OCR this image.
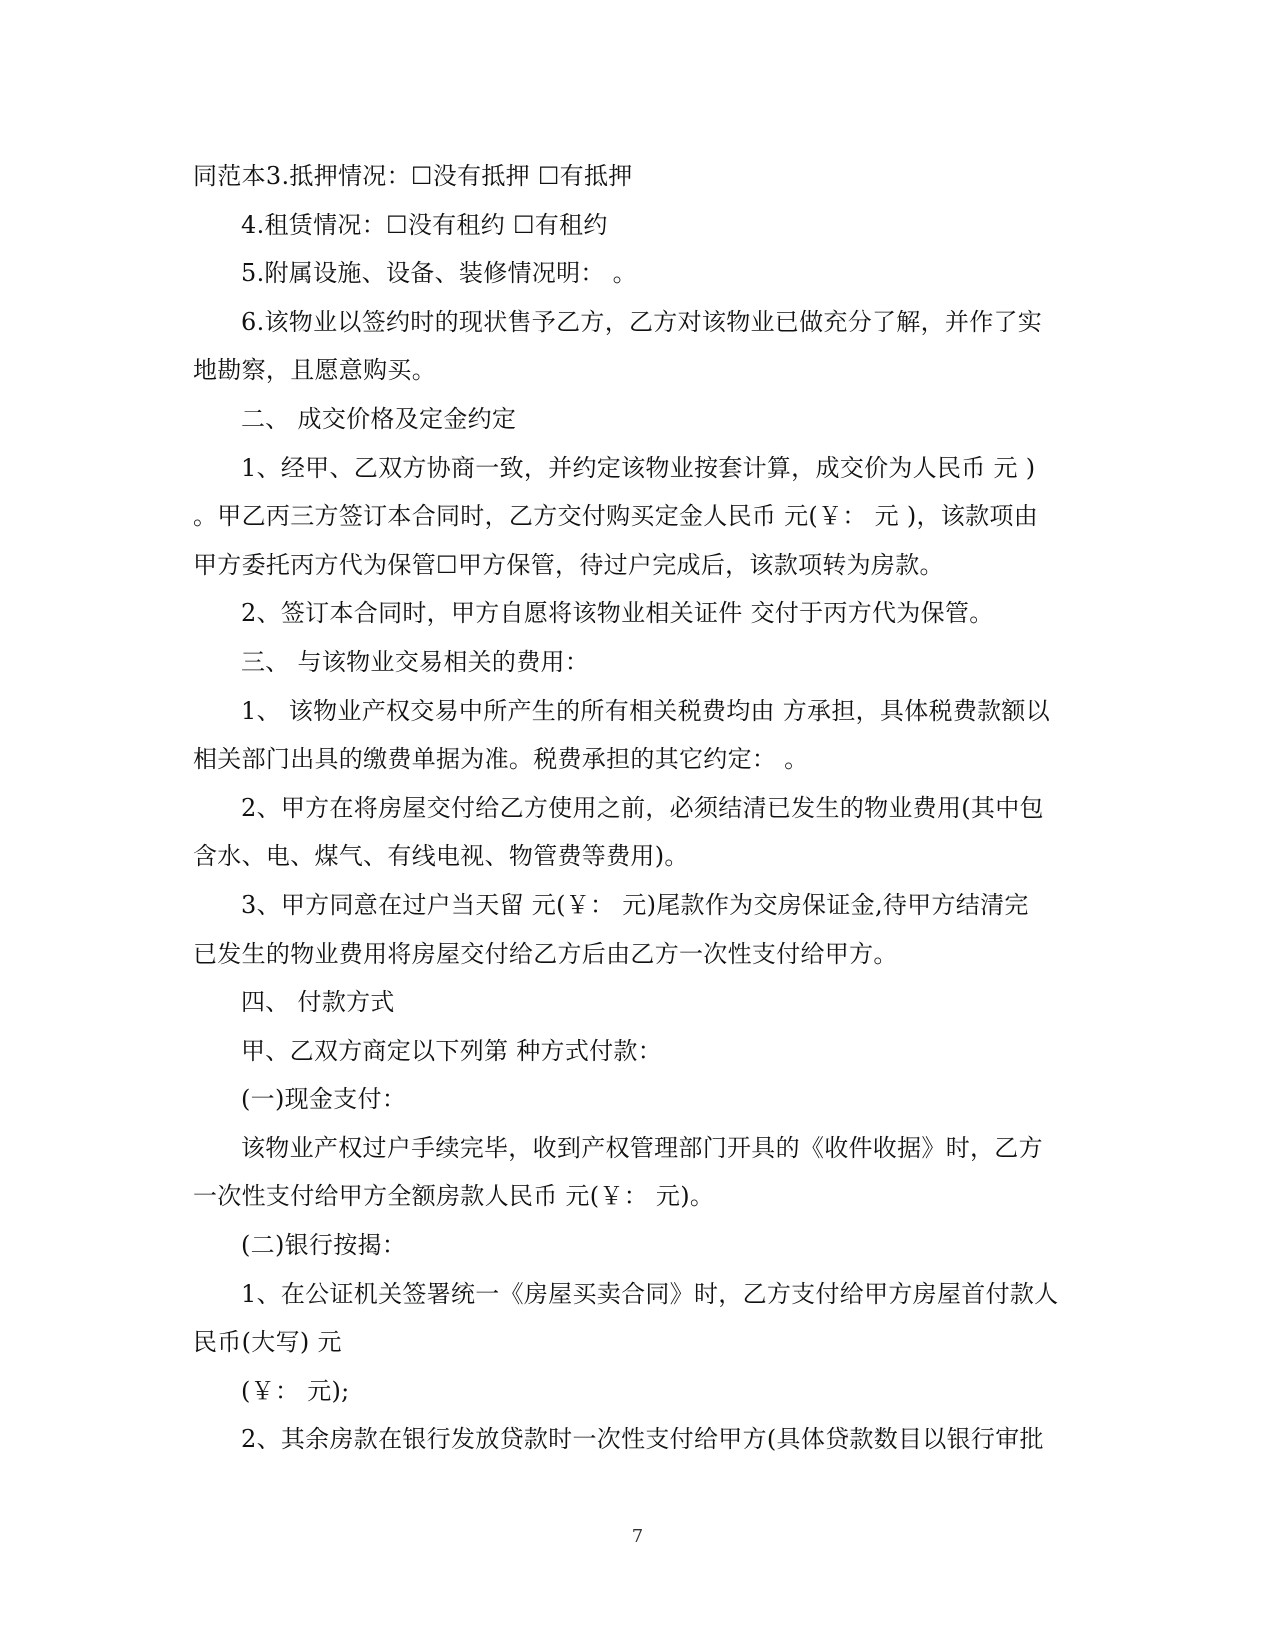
同范本3.抵押情况：☐没有抵押 ☐有抵押
4.租赁情况：☐没有租约 ☐有租约
5.附属设施、设备、装修情况明： 。
6.该物业以签约时的现状售予乙方，乙方对该物业已做充分了解，并作了实
地勘察，且愿意购买。
二、 成交价格及定金约定
1、经甲、乙双方协商一致，并约定该物业按套计算，成交价为人民币 元 )
。甲乙丙三方签订本合同时，乙方交付购买定金人民币 元(￥： 元 )，该款项由
甲方委托丙方代为保管☐甲方保管，待过户完成后，该款项转为房款。
2、签订本合同时，甲方自愿将该物业相关证件 交付于丙方代为保管。
三、 与该物业交易相关的费用：
1、 该物业产权交易中所产生的所有相关税费均由 方承担，具体税费款额以
相关部门出具的缴费单据为准。税费承担的其它约定： 。
2、甲方在将房屋交付给乙方使用之前，必须结清已发生的物业费用(其中包
含水、电、煤气、有线电视、物管费等费用)。
3、甲方同意在过户当天留 元(￥： 元)尾款作为交房保证金,待甲方结清完
已发生的物业费用将房屋交付给乙方后由乙方一次性支付给甲方。
四、 付款方式
甲、乙双方商定以下列第 种方式付款：
(一)现金支付：
该物业产权过户手续完毕，收到产权管理部门开具的《收件收据》时，乙方
一次性支付给甲方全额房款人民币 元(￥： 元)。
(二)银行按揭：
1、在公证机关签署统一《房屋买卖合同》时，乙方支付给甲方房屋首付款人
民币(大写) 元
(￥： 元);
2、其余房款在银行发放贷款时一次性支付给甲方(具体贷款数目以银行审批
7
